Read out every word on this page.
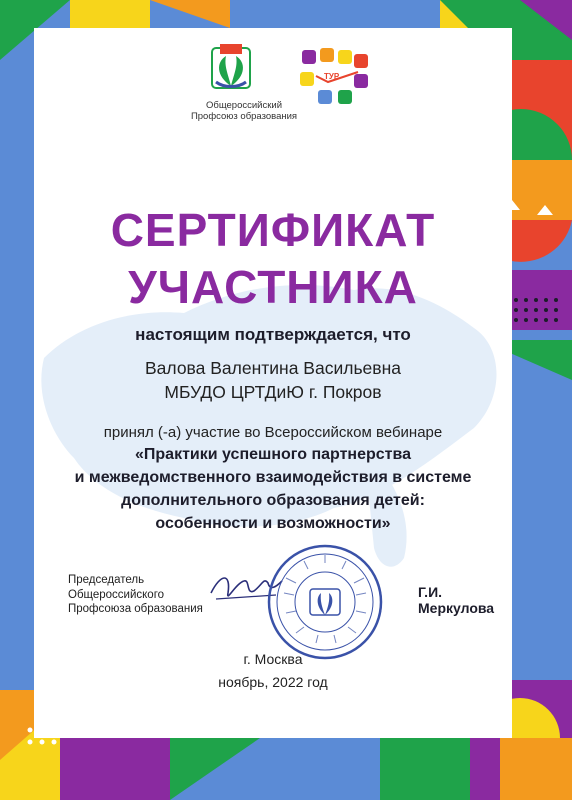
Общероссийский
Профсоюз образования
ТУР
СЕРТИФИКАТ
УЧАСТНИКА
настоящим подтверждается, что
Валова Валентина Васильевна
МБУДО ЦРТДиЮ г. Покров
принял (-а) участие во Всероссийском вебинаре
«Практики успешного партнерства
и межведомственного взаимодействия в системе
дополнительного образования детей:
особенности и возможности»
Председатель
Общероссийского
Профсоюза образования
Г.И. Меркулова
г. Москва
ноябрь, 2022 год
